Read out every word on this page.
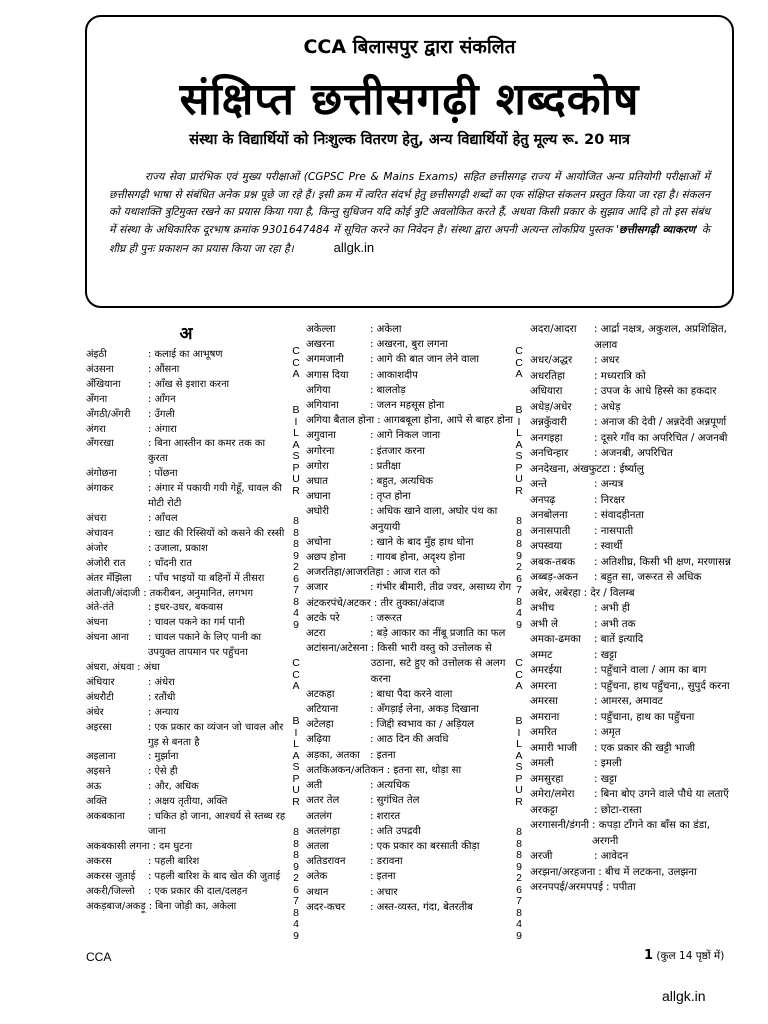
CCA बिलासपुर द्वारा संकलित
संक्षिप्त छत्तीसगढ़ी शब्दकोष
संस्था के विद्यार्थियों को निःशुल्क वितरण हेतु, अन्य विद्यार्थियों हेतु मूल्य रू. 20 मात्र
राज्य सेवा प्रारंभिक एवं मुख्य परीक्षाओं (CGPSC Pre & Mains Exams) सहित छत्तीसगढ़ राज्य में आयोजित अन्य प्रतियोगी परीक्षाओं में छत्तीसगढ़ी भाषा से संबंधित अनेक प्रश्न पूछे जा रहे हैं। इसी क्रम में त्वरित संदर्भ हेतु छत्तीसगढ़ी शब्दों का एक संक्षिप्त संकलन प्रस्तुत किया जा रहा है। संकलन को यथाशक्ति त्रुटिमुक्त रखने का प्रयास किया गया है, किन्तु सुधिजन यदि कोई त्रुटि अवलोकित करते हैं, अथवा किसी प्रकार के सुझाव आदि हो तो इस संबंध में संस्था के अधिकारिक दूरभाष क्रमांक 9301647484 में सूचित करने का निवेदन है। संस्था द्वारा अपनी अत्यन्त लोकप्रिय पुस्तक 'छत्तीसगढ़ी व्याकरण' के शीघ्र ही पुनः प्रकाशन का प्रयास किया जा रहा है।	allgk.in
अ
अंइठी	: कलाई का आभूषण
अंउसना	: औंसना
अँखियाना	: आँख से इशारा करना
अँगना	: आँगन
अँगठी/अँगरी	: उँगली
अंगरा	: अंगारा
अँगरखा	: बिना आस्तीन का कमर तक का कुरता
अंगोछना	: पोंछना
अंगाकर	: अंगार में पकायी गयी गेहूँ, चावल की मोटी रोटी
अंचरा	: आँचल
अंचावन	: खाट की रिस्सियों को कसने की रस्सी
अंजोर	: उजाला, प्रकाश
अंजोरी रात	: चाँदनी रात
अंतर मँझिला	: पाँच भाइयों या बहिनों में तीसरा
अंताजी/अंदाजी : तकरीबन, अनुमानित, लगभग
अंते-तंते	: इधर-उधर, बकवास
अंधना	: चावल पकने का गर्म पानी
अंधना आना	: चावल पकाने के लिए पानी का उपयुक्त तापमान पर पहुँचना
अंधरा, अंधवा : अंधा
अंधियार	: अंधेरा
अंधरौटी	: रतौंधी
अंधेर	: अन्याय
अइरसा	: एक प्रकार का व्यंजन जो चावल और गुड़ से बनता है
अइलाना	: मुर्झाना
अइसने	: ऐसे ही
अऊ	: और, अधिक
अक्ति	: अक्षय तृतीया, अक्ति
अकबकाना	: चकित हो जाना, आश्चर्य से स्तब्ध रह जाना
अकबकासी लगना : दम घुटना
अकरस	: पहली बारिश
अकरस जुताई	: पहली बारिश के बाद खेत की जुताई
अकरी/जिल्लो	: एक प्रकार की दाल/दलहन
अकड़बाज/अकड़ू : बिना जोड़ी का, अकेला
अकेल्ला	: अकेला
अखरना	: अखरना, बुरा लगना
अगमजानी	: आगे की बात जान लेने वाला
अगास दिया	: आकाशदीप
अगिया	: बालतोड़
अगियाना	: जलन महसूस होना
अगिया बैताल होना : आगबबूला होना, आपे से बाहर होना
अगुवाना	: आगे निकल जाना
अगोरना	: इंतजार करना
अगोरा	: प्रतीक्षा
अघात	: बहुत, अत्यधिक
अघाना	: तृप्त होना
अघोरी	: अधिक खाने वाला, अघोर पंथ का अनुयायी
अचोना	: खाने के बाद मुँह हाथ धोना
अछप होना	: गायब होना, अदृश्य होना
अजरतिहा/आजरतिहा : आज रात को
अजार	: गंभीर बीमारी, तीव्र ज्वर, असाध्य रोग
अंटकरपंचे/अटकर : तीर तुक्का/अंदाज
अटके परे	: जरूरत
अटरा	: बड़े आकार का नींबू प्रजाति का फल
अटांसना/अटेसना : किसी भारी वस्तु को उत्तोलक से उठाना, सटे हुए को उत्तोलक से अलग करना
अटकहा	: बाधा पैदा करने वाला
अटियाना	: अँगड़ाई लेना, अकड़ दिखाना
अटेलहा	: जिद्दी स्वभाव का / अड़ियल
अढ़िया	: आठ दिन की अवधि
अड़का, अतका	: इतना
अतकिअकन/अतिकन : इतना सा, थोड़ा सा
अती	: अत्यधिक
अतर तेल	: सुगंधित तेल
अतलंग	: शरारत
अतलंगहा	: अति उपद्रवी
अतला	: एक प्रकार का बरसाती कीड़ा
अतिडरावन	: डरावना
अतेक	: इतना
अथान	: अचार
अदर-कचर	: अस्त-व्यस्त, गंदा, बेतरतीब
अदरा/आदरा	: आर्द्रा नक्षत्र, अकुशल, अप्रशिक्षित, अलाव
अधर/अद्धर	: अधर
अधरतिहा	: मध्यरात्रि को
अधियारा	: उपज के आधे हिस्से का हकदार
अधेड़/अधेर	: अधेड़
अन्नकुँवारी	: अनाज की देवी / अन्नदेवी अन्नपूर्णा
अनगइहा	: दूसरे गाँव का अपरिचित / अजनबी
अनचिन्हार	: अजनबी, अपरिचित
अनदेखना, अंखफुटटा : ईर्ष्यालु
अन्ते	: अन्यत्र
अनपढ़	: निरक्षर
अनबोलना	: संवादहीनता
अनासपाती	: नासपाती
अपस्वया	: स्वार्थी
अबक-तबक	: अतिशीघ्र, किसी भी क्षण, मरणासन्न
अब्बड़-अकन	: बहुत सा, जरूरत से अधिक
अबेर, अबेरहा : देर / विलम्ब
अभीच	: अभी ही
अभी ले	: अभी तक
अमका-ढमका	: बातें इत्यादि
अम्मट	: खट्टा
अमरईया	: पहुँचाने वाला / आम का बाग
अमरना	: पहुँचना, हाथ पहुँचना,, सुपुर्द करना
अमरसा	: आमरस, अमावट
अमराना	: पहुँचाना, हाथ का पहुँचना
अमरित	: अमृत
अमारी भाजी	: एक प्रकार की खट्टी भाजी
अमली	: इमली
अमसुरहा	: खट्टा
अमेरा/लमेरा	: बिना बोए उगने वाले पौधे या लताएँ
अरकट्टा	: छोटा-रास्ता
अरगासनी/डंगनी : कपड़ा टाँगने का बाँस का डंडा, अरगनी
अरजी	: आवेदन
अरझना/अरहजना : बीच में लटकना, उलझना
अरनपपई/अरमपपई : पपीता
C
C
A
B
I
L
A
S
P
U
R
8
8
8
9
2
6
7
8
4
9
C
C
A
B
I
L
A
S
P
U
R
8
8
8
9
2
6
7
8
4
9
C
C
A
B
I
L
A
S
P
U
R
8
8
8
9
2
6
7
8
4
9
C
C
A
B
I
L
A
S
P
U
R
8
8
8
9
2
6
7
8
4
9
CCA	1 (कुल 14 पृष्ठों में)
allgk.in
